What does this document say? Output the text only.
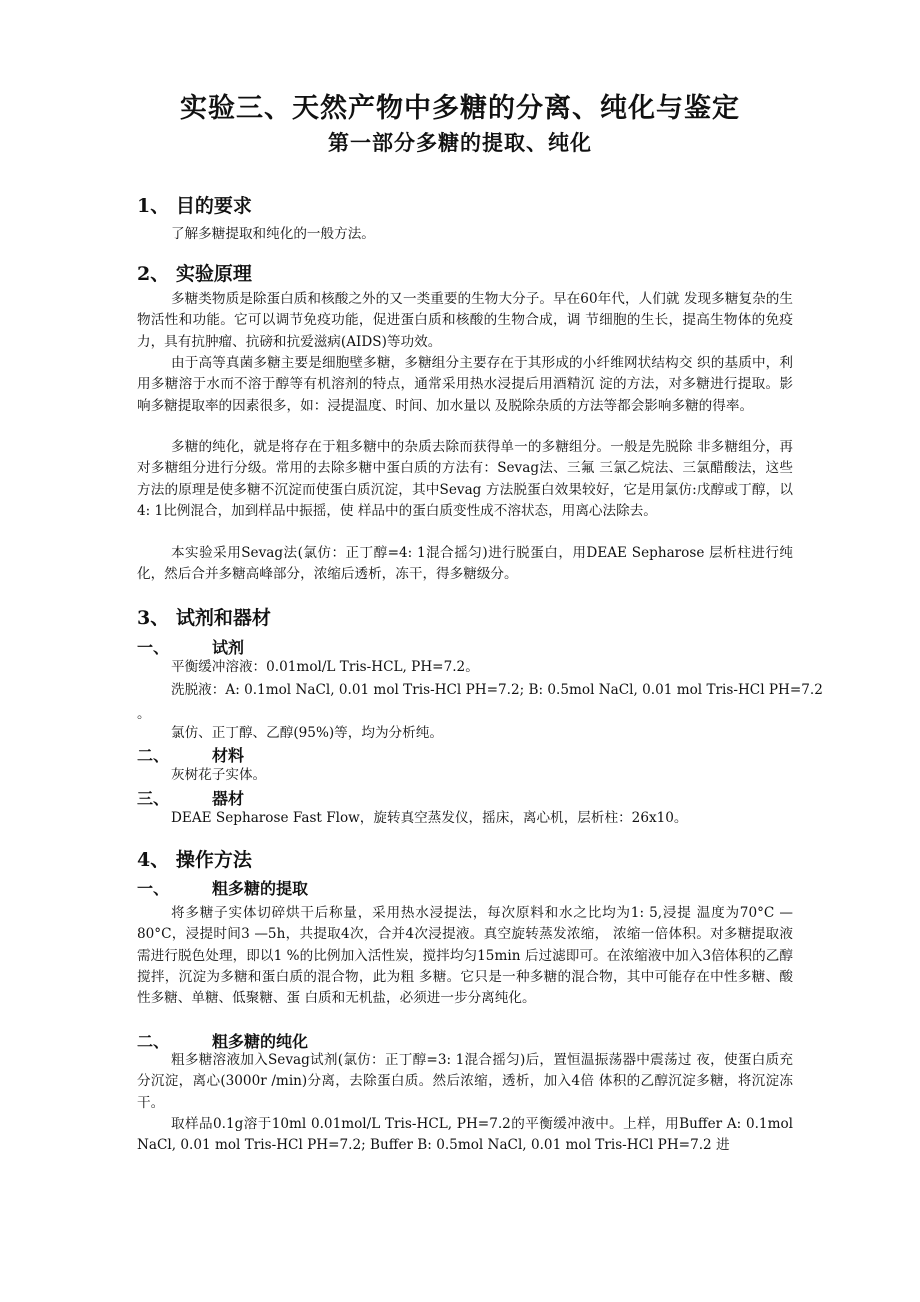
实验三、天然产物中多糖的分离、纯化与鉴定
第一部分多糖的提取、纯化
1、 目的要求
了解多糖提取和纯化的一般方法。
2、 实验原理
多糖类物质是除蛋白质和核酸之外的又一类重要的生物大分子。早在60年代，人们就 发现多糖复杂的生物活性和功能。它可以调节免疫功能，促进蛋白质和核酸的生物合成，调 节细胞的生长，提高生物体的免疫力，具有抗肿瘤、抗磅和抗爱滋病(AIDS)等功效。
由于高等真菌多糖主要是细胞壁多糖，多糖组分主要存在于其形成的小纤维网状结构交 织的基质中，利用多糖溶于水而不溶于醇等有机溶剂的特点，通常采用热水浸提后用酒精沉 淀的方法，对多糖进行提取。影响多糖提取率的因素很多，如：浸提温度、时间、加水量以 及脱除杂质的方法等都会影响多糖的得率。
多糖的纯化，就是将存在于粗多糖中的杂质去除而获得单一的多糖组分。一般是先脱除 非多糖组分，再对多糖组分进行分级。常用的去除多糖中蛋白质的方法有：Sevag法、三氟 三氯乙烷法、三氯醋酸法，这些方法的原理是使多糖不沉淀而使蛋白质沉淀，其中Sevag 方法脱蛋白效果较好，它是用氯仿:戊醇或丁醇，以4: 1比例混合，加到样品中振摇，使 样品中的蛋白质变性成不溶状态，用离心法除去。
本实验采用Sevag法(氯仿：正丁醇=4: 1混合摇匀)进行脱蛋白，用DEAE Sepharose 层析柱进行纯化，然后合并多糖高峰部分，浓缩后透析，冻干，得多糖级分。
3、 试剂和器材
一、	试剂
平衡缓冲溶液：0.01mol/L Tris-HCL, PH=7.2。
洗脱液：A: 0.1mol NaCl, 0.01 mol Tris-HCl PH=7.2; B: 0.5mol NaCl, 0.01 mol Tris-HCl PH=7.2
。
氯仿、正丁醇、乙醇(95%)等，均为分析纯。
二、	材料
灰树花子实体。
三、	器材
DEAE Sepharose Fast Flow，旋转真空蒸发仪，摇床，离心机，层析柱：26x10。
4、 操作方法
一、	粗多糖的提取
将多糖子实体切碎烘干后称量，采用热水浸提法，每次原料和水之比均为1: 5,浸提 温度为70°C —80°C，浸提时间3 —5h，共提取4次，合并4次浸提液。真空旋转蒸发浓缩， 浓缩一倍体积。对多糖提取液需进行脱色处理，即以1 %的比例加入活性炭，搅拌均匀15min 后过滤即可。在浓缩液中加入3倍体积的乙醇搅拌，沉淀为多糖和蛋白质的混合物，此为粗 多糖。它只是一种多糖的混合物，其中可能存在中性多糖、酸性多糖、单糖、低聚糖、蛋 白质和无机盐，必须进一步分离纯化。
二、	粗多糖的纯化
粗多糖溶液加入Sevag试剂(氯仿：正丁醇=3: 1混合摇匀)后，置恒温振荡器中震荡过 夜，使蛋白质充分沉淀，离心(3000r /min)分离，去除蛋白质。然后浓缩，透析，加入4倍 体积的乙醇沉淀多糖，将沉淀冻干。
取样品0.1g溶于10ml 0.01mol/L Tris-HCL, PH=7.2的平衡缓冲液中。上样，用Buffer A: 0.1mol NaCl, 0.01 mol Tris-HCl PH=7.2; Buffer B: 0.5mol NaCl, 0.01 mol Tris-HCl PH=7.2 进
